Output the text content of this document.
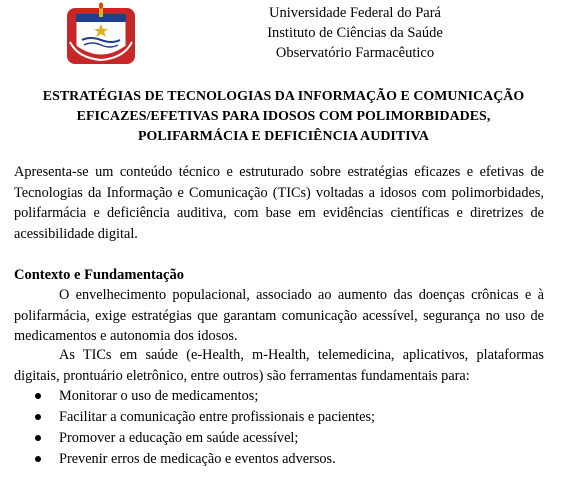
Universidade Federal do Pará
Instituto de Ciências da Saúde
Observatório Farmacêutico
ESTRATÉGIAS DE TECNOLOGIAS DA INFORMAÇÃO E COMUNICAÇÃO
EFICAZES/EFETIVAS PARA IDOSOS COM POLIMORBIDADES,
POLIFARMÁCIA E DEFICIÊNCIA AUDITIVA

Apresenta-se um conteúdo técnico e estruturado sobre estratégias eficazes e efetivas de Tecnologias da Informação e Comunicação (TICs) voltadas a idosos com polimorbidades, polifarmácia e deficiência auditiva, com base em evidências científicas e diretrizes de acessibilidade digital.

Contexto e Fundamentação

O envelhecimento populacional, associado ao aumento das doenças crônicas e à polifarmácia, exige estratégias que garantam comunicação acessível, segurança no uso de medicamentos e autonomia dos idosos.

As TICs em saúde (e-Health, m-Health, telemedicina, aplicativos, plataformas digitais, prontuário eletrônico, entre outros) são ferramentas fundamentais para:

Monitorar o uso de medicamentos;
Facilitar a comunicação entre profissionais e pacientes;
Promover a educação em saúde acessível;
Prevenir erros de medicação e eventos adversos.
